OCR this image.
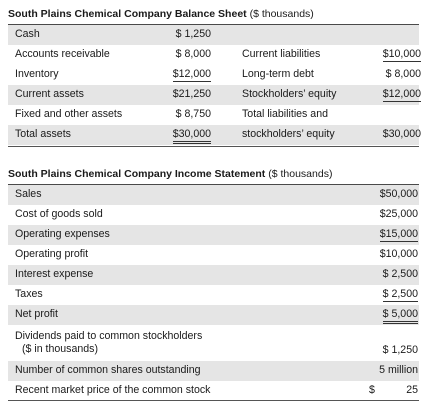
South Plains Chemical Company Balance Sheet ($ thousands)
Cash	$ 1,250
Accounts receivable	$ 8,000	Current liabilities	$10,000
Inventory	$12,000	Long-term debt	$ 8,000
Current assets	$21,250	Stockholders’ equity	$12,000
Fixed and other assets	$ 8,750	Total liabilities and
Total assets	$30,000	stockholders’ equity	$30,000
South Plains Chemical Company Income Statement ($ thousands)
Sales	$50,000
Cost of goods sold	$25,000
Operating expenses	$15,000
Operating profit	$10,000
Interest expense	$ 2,500
Taxes	$ 2,500
Net profit	$ 5,000
Dividends paid to common stockholders
($ in thousands)	$ 1,250
Number of common shares outstanding	5 million
Recent market price of the common stock	$	25
